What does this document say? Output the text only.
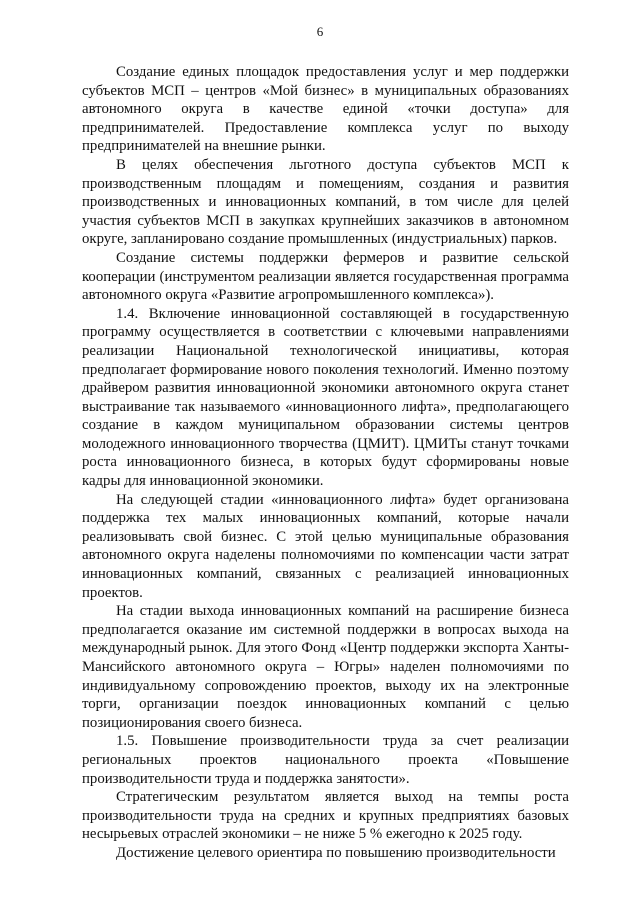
6

Создание единых площадок предоставления услуг и мер поддержки субъектов МСП – центров «Мой бизнес» в муниципальных образованиях автономного округа в качестве единой «точки доступа» для предпринимателей. Предоставление комплекса услуг по выходу предпринимателей на внешние рынки.

В целях обеспечения льготного доступа субъектов МСП к производственным площадям и помещениям, создания и развития производственных и инновационных компаний, в том числе для целей участия субъектов МСП в закупках крупнейших заказчиков в автономном округе, запланировано создание промышленных (индустриальных) парков.

Создание системы поддержки фермеров и развитие сельской кооперации (инструментом реализации является государственная программа автономного округа «Развитие агропромышленного комплекса»).

1.4. Включение инновационной составляющей в государственную программу осуществляется в соответствии с ключевыми направлениями реализации Национальной технологической инициативы, которая предполагает формирование нового поколения технологий. Именно поэтому драйвером развития инновационной экономики автономного округа станет выстраивание так называемого «инновационного лифта», предполагающего создание в каждом муниципальном образовании системы центров молодежного инновационного творчества (ЦМИТ). ЦМИТы станут точками роста инновационного бизнеса, в которых будут сформированы новые кадры для инновационной экономики.

На следующей стадии «инновационного лифта» будет организована поддержка тех малых инновационных компаний, которые начали реализовывать свой бизнес. С этой целью муниципальные образования автономного округа наделены полномочиями по компенсации части затрат инновационных компаний, связанных с реализацией инновационных проектов.

На стадии выхода инновационных компаний на расширение бизнеса предполагается оказание им системной поддержки в вопросах выхода на международный рынок. Для этого Фонд «Центр поддержки экспорта Ханты-Мансийского автономного округа – Югры» наделен полномочиями по индивидуальному сопровождению проектов, выходу их на электронные торги, организации поездок инновационных компаний с целью позиционирования своего бизнеса.

1.5. Повышение производительности труда за счет реализации региональных проектов национального проекта «Повышение производительности труда и поддержка занятости».

Стратегическим результатом является выход на темпы роста производительности труда на средних и крупных предприятиях базовых несырьевых отраслей экономики – не ниже 5 % ежегодно к 2025 году.

Достижение целевого ориентира по повышению производительности
